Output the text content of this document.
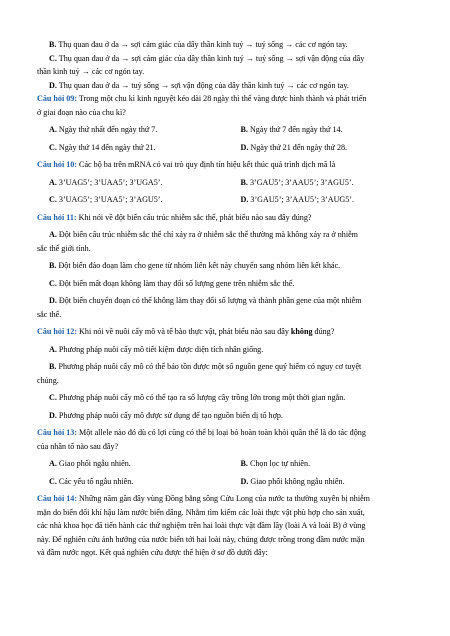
B. Thụ quan đau ở da → sợi cảm giác của dây thần kinh tuỷ → tuỷ sống → các cơ ngón tay.

C. Thụ quan đau ở da → sợi cảm giác của dây thần kinh tuỷ → tuỷ sống → sợi vận động của dây

thần kinh tuỷ → các cơ ngón tay.

D. Thụ quan đau ở da → tuỷ sống → sợi vận động của dây thần kinh tuỷ → các cơ ngón tay.

Câu hỏi 09: Trong một chu kì kinh nguyệt kéo dài 28 ngày thì thể vàng được hình thành và phát triển

ở giai đoạn nào của chu kì?

A. Ngày thứ nhất đến ngày thứ 7.	B. Ngày thứ 7 đến ngày thứ 14.
C. Ngày thứ 14 đến ngày thứ 21.	D. Ngày thứ 21 đến ngày thứ 28.

Câu hỏi 10: Các bộ ba trên mRNA có vai trò quy định tín hiệu kết thúc quá trình dịch mã là

A. 3’UAG5’; 3’UAA5’; 3’UGA5’.	B. 3’GAU5’; 3’AAU5’; 3’AGU5’.
C. 3’UAG5’; 3’UAA5’; 3’AGU5’.	D. 3’GAU5’; 3’AAU5’; 3’AUG5’.

Câu hỏi 11: Khi nói về đột biến cấu trúc nhiễm sắc thể, phát biểu nào sau đây đúng?

A. Đột biến cấu trúc nhiễm sắc thể chỉ xảy ra ở nhiễm sắc thể thường mà không xảy ra ở nhiễm

sắc thể giới tính.

B. Đột biến đảo đoạn làm cho gene từ nhóm liên kết này chuyển sang nhóm liên kết khác.

C. Đột biến mất đoạn không làm thay đổi số lượng gene trên nhiễm sắc thể.

D. Đột biến chuyển đoạn có thể không làm thay đổi số lượng và thành phần gene của một nhiễm

sắc thể.

Câu hỏi 12: Khi nói về nuôi cấy mô và tế bào thực vật, phát biểu nào sau đây không đúng?

A. Phương pháp nuôi cấy mô tiết kiệm được diện tích nhân giống.

B. Phương pháp nuôi cấy mô có thể bảo tồn được một số nguồn gene quý hiếm có nguy cơ tuyệt

chủng.

C. Phương pháp nuôi cấy mô có thể tạo ra số lượng cây trồng lớn trong một thời gian ngắn.

D. Phương pháp nuôi cấy mô được sử dụng để tạo nguồn biến dị tổ hợp.

Câu hỏi 13: Một allele nào đó dù có lợi cũng có thể bị loại bỏ hoàn toàn khỏi quần thể là do tác động

của nhân tố nào sau đây?

A. Giao phối ngẫu nhiên.	B. Chọn lọc tự nhiên.
C. Các yếu tố ngẫu nhiên.	D. Giao phối không ngẫu nhiên.

Câu hỏi 14: Những năm gần đây vùng Đồng bằng sông Cửu Long của nước ta thường xuyên bị nhiễm

mặn do biến đổi khí hậu làm nước biển dâng. Nhằm tìm kiếm các loài thực vật phù hợp cho sản xuất,

các nhà khoa học đã tiến hành các thử nghiệm trên hai loài thực vật đầm lầy (loài A và loài B) ở vùng

này. Để nghiên cứu ảnh hưởng của nước biển tới hai loài này, chúng được trồng trong đầm nước mặn

và đầm nước ngọt. Kết quả nghiên cứu được thể hiện ở sơ đồ dưới đây:
